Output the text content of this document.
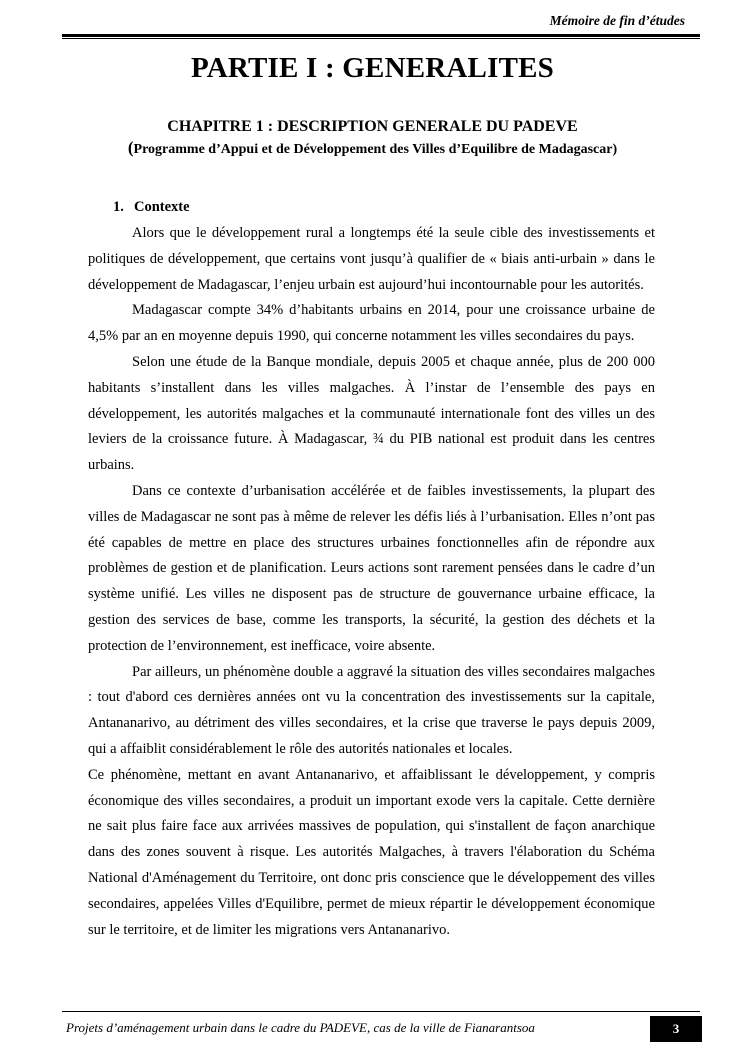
Mémoire de fin d’études
PARTIE I : GENERALITES
CHAPITRE 1 : DESCRIPTION GENERALE DU PADEVE
(Programme d’Appui et de Développement des Villes d’Equilibre de Madagascar)
1. Contexte

Alors que le développement rural a longtemps été la seule cible des investissements et politiques de développement, que certains vont jusqu’à qualifier de « biais anti-urbain » dans le développement de Madagascar, l’enjeu urbain est aujourd’hui incontournable pour les autorités.

Madagascar compte 34% d’habitants urbains en 2014, pour une croissance urbaine de 4,5% par an en moyenne depuis 1990, qui concerne notamment les villes secondaires du pays.

Selon une étude de la Banque mondiale, depuis 2005 et chaque année, plus de 200 000 habitants s’installent dans les villes malgaches. À l’instar de l’ensemble des pays en développement, les autorités malgaches et la communauté internationale font des villes un des leviers de la croissance future. À Madagascar, ¾ du PIB national est produit dans les centres urbains.

Dans ce contexte d’urbanisation accélérée et de faibles investissements, la plupart des villes de Madagascar ne sont pas à même de relever les défis liés à l’urbanisation. Elles n’ont pas été capables de mettre en place des structures urbaines fonctionnelles afin de répondre aux problèmes de gestion et de planification. Leurs actions sont rarement pensées dans le cadre d’un système unifié. Les villes ne disposent pas de structure de gouvernance urbaine efficace, la gestion des services de base, comme les transports, la sécurité, la gestion des déchets et la protection de l’environnement, est inefficace, voire absente.

Par ailleurs, un phénomène double a aggravé la situation des villes secondaires malgaches : tout d'abord ces dernières années ont vu la concentration des investissements sur la capitale, Antananarivo, au détriment des villes secondaires, et la crise que traverse le pays depuis 2009, qui a affaiblit considérablement le rôle des autorités nationales et locales.

Ce phénomène, mettant en avant Antananarivo, et affaiblissant le développement, y compris économique des villes secondaires, a produit un important exode vers la capitale. Cette dernière ne sait plus faire face aux arrivées massives de population, qui s'installent de façon anarchique dans des zones souvent à risque. Les autorités Malgaches, à travers l'élaboration du Schéma National d'Aménagement du Territoire, ont donc pris conscience que le développement des villes secondaires, appelées Villes d'Equilibre, permet de mieux répartir le développement économique sur le territoire, et de limiter les migrations vers Antananarivo.

Projets d’aménagement urbain dans le cadre du PADEVE, cas de la ville de Fianarantsoa	3
